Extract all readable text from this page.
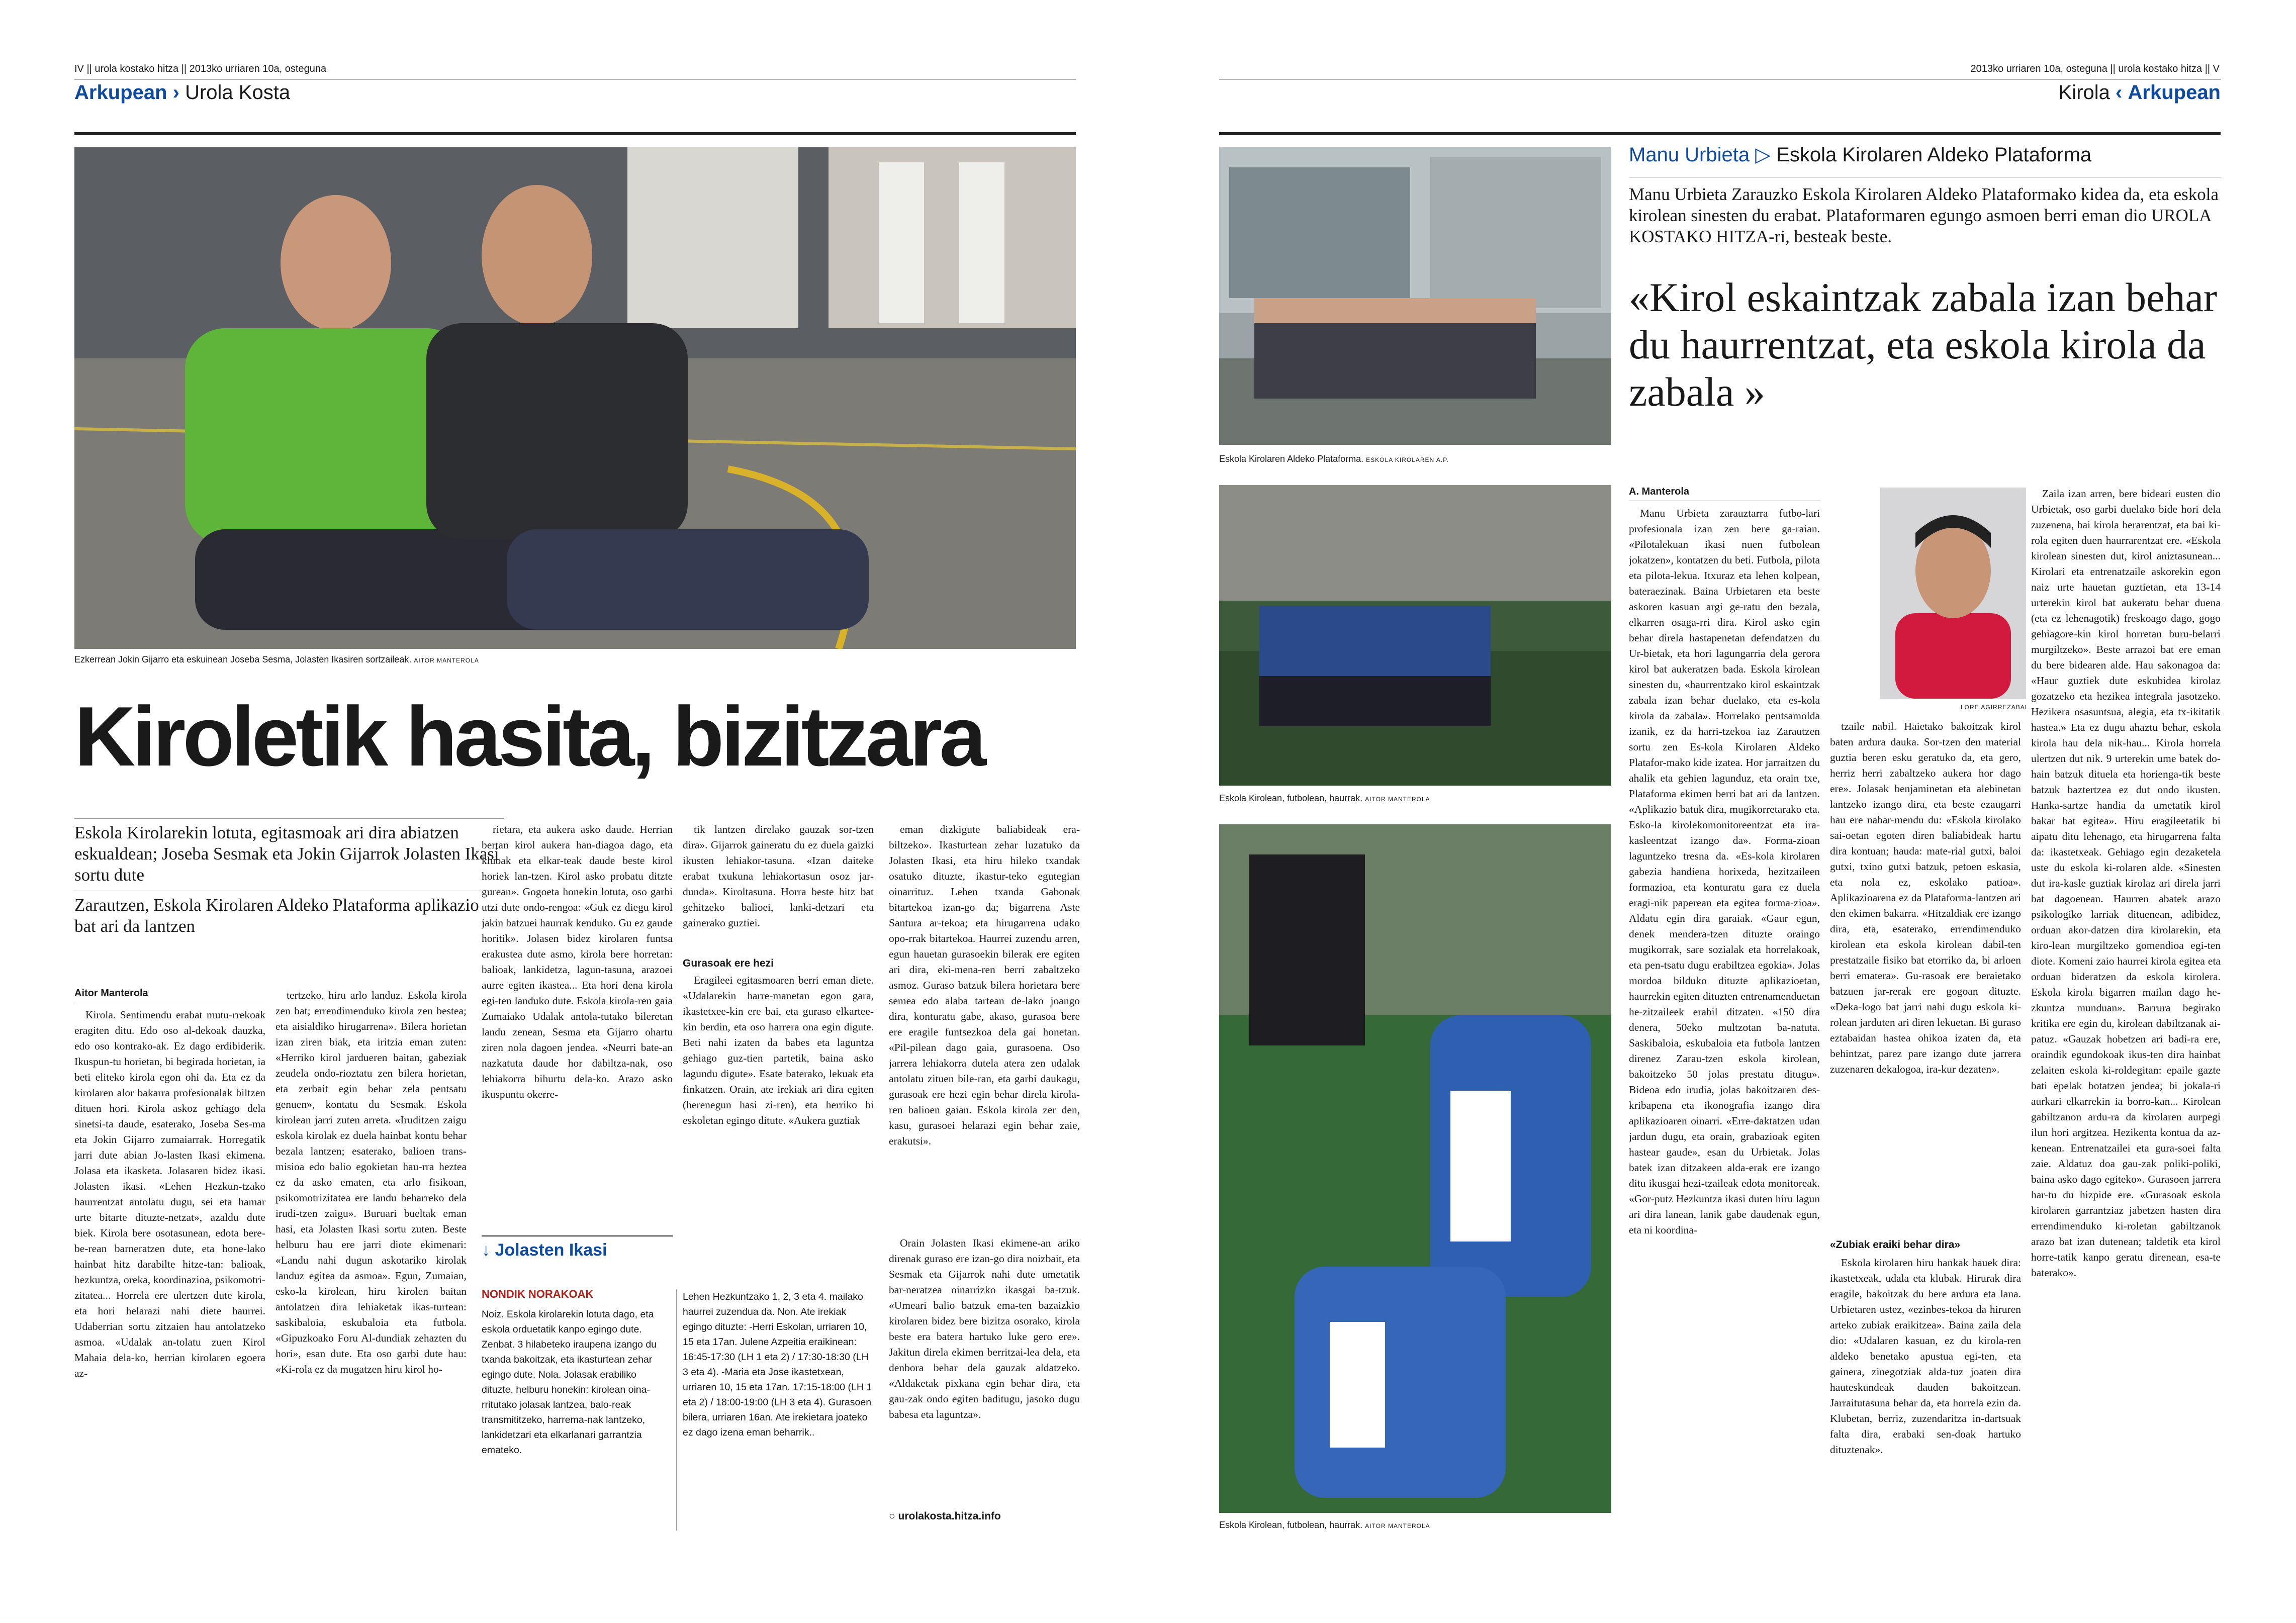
IV || urola kostako hitza || 2013ko urriaren 10a, osteguna
Arkupean › Urola Kosta
Ezkerrean Jokin Gijarro eta eskuinean Joseba Sesma, Jolasten Ikasiren sortzaileak. AITOR MANTEROLA
Kiroletik hasita, bizitzara
Eskola Kirolarekin lotuta, egitasmoak ari dira abiatzen eskualdean; Joseba Sesmak eta Jokin Gijarrok Jolasten Ikasi sortu dute
Zarautzen, Eskola Kirolaren Aldeko Plataforma aplikazio bat ari da lantzen
Aitor Manterola

Kirola. Sentimendu erabat mutu-rrekoak eragiten ditu. Edo oso al-dekoak dauzka, edo oso kontrako-ak. Ez dago erdibiderik. Ikuspun-tu horietan, bi begirada horietan, ia beti eliteko kirola egon ohi da. Eta ez da kirolaren alor bakarra profesionalak biltzen dituen hori. Kirola askoz gehiago dela sinetsi-ta daude, esaterako, Joseba Ses-ma eta Jokin Gijarro zumaiarrak. Horregatik jarri dute abian Jo-lasten Ikasi ekimena. Jolasa eta ikasketa. Jolasaren bidez ikasi. Jolasten ikasi. «Lehen Hezkun-tzako haurrentzat antolatu dugu, sei eta hamar urte bitarte dituzte-netzat», azaldu dute biek. Kirola bere osotasunean, edota bere-be-rean barneratzen dute, eta hone-lako hainbat hitz darabilte hitze-tan: balioak, hezkuntza, oreka, koordinazioa, psikomotri-zitatea... Horrela ere ulertzen dute kirola, eta hori helarazi nahi diete haurrei. Udaberrian sortu zitzaien hau antolatzeko asmoa. «Udalak an-tolatu zuen Kirol Mahaia dela-ko, herrian kirolaren egoera az-

tertzeko, hiru arlo landuz. Eskola kirola zen bat; errendimenduko kirola zen bestea; eta aisialdiko hirugarrena». Bilera horietan izan ziren biak, eta iritzia eman zuten: «Herriko kirol jardueren baitan, gabeziak zeudela ondo-rioztatu zen bilera horietan, eta zerbait egin behar zela pentsatu genuen», kontatu du Sesmak. Eskola kirolean jarri zuten arreta. «Iruditzen zaigu eskola kirolak ez duela hainbat kontu behar bezala lantzen; esaterako, balioen trans-misioa edo balio egokietan hau-rra heztea ez da asko ematen, eta arlo fisikoan, psikomotrizitatea ere landu beharreko dela irudi-tzen zaigu». Buruari bueltak eman hasi, eta Jolasten Ikasi sortu zuten. Beste helburu hau ere jarri diote ekimenari: «Landu nahi dugun askotariko kirolak landuz egitea da asmoa». Egun, Zumaian, esko-la kirolean, hiru kirolen baitan antolatzen dira lehiaketak ikas-turtean: saskibaloia, eskubaloia eta futbola. «Gipuzkoako Foru Al-dundiak zehazten du hori», esan dute. Eta oso garbi dute hau: «Ki-rola ez da mugatzen hiru kirol ho-

rietara, eta aukera asko daude. Herrian bertan kirol aukera han-diagoa dago, eta klubak eta elkar-teak daude beste kirol horiek lan-tzen. Kirol asko probatu ditzte gurean». Gogoeta honekin lotuta, oso garbi utzi dute ondo-rengoa: «Guk ez diegu kirol jakin batzuei haurrak kenduko. Gu ez gaude horitik». Jolasen bidez kirolaren funtsa erakustea dute asmo, kirola bere horretan: balioak, lankidetza, lagun-tasuna, arazoei aurre egiten ikastea... Eta hori dena kirola egi-ten landuko dute. Eskola kirola-ren gaia Zumaiako Udalak antola-tutako bileretan landu zenean, Sesma eta Gijarro ohartu ziren nola dagoen jendea. «Neurri bate-an nazkatuta daude hor dabiltza-nak, oso lehiakorra bihurtu dela-ko. Arazo asko ikuspuntu okerre-

tik lantzen direlako gauzak sor-tzen dira». Gijarrok gaineratu du ez duela gaizki ikusten lehiakor-tasuna. «Izan daiteke erabat txukuna lehiakortasun osoz jar-dunda». Kiroltasuna. Horra beste hitz bat gehitzeko balioei, lanki-detzari eta gainerako guztiei.

Gurasoak ere hezi

Eragileei egitasmoaren berri eman diete. «Udalarekin harre-manetan egon gara, ikastetxee-kin ere bai, eta guraso elkartee-kin berdin, eta oso harrera ona egin digute. Beti nahi izaten da babes eta laguntza gehiago guz-tien partetik, baina asko lagundu digute». Esate baterako, lekuak eta finkatzen. Orain, ate irekiak ari dira egiten (herenegun hasi zi-ren), eta herriko bi eskoletan egingo ditute. «Aukera guztiak

eman dizkigute baliabideak era-biltzeko». Ikasturtean zehar luzatuko da Jolasten Ikasi, eta hiru hileko txandak osatuko dituzte, ikastur-teko egutegian oinarrituz. Lehen txanda Gabonak bitartekoa izan-go da; bigarrena Aste Santura ar-tekoa; eta hirugarrena udako opo-rrak bitartekoa. Haurrei zuzendu arren, egun hauetan gurasoekin bilerak ere egiten ari dira, eki-mena-ren berri zabaltzeko asmoz. Guraso batzuk bilera horietara bere semea edo alaba tartean de-lako joango dira, konturatu gabe, akaso, gurasoa bere ere eragile funtsezkoa dela gai honetan. «Pil-pilean dago gaia, gurasoena. Oso jarrera lehiakorra dutela atera zen udalak antolatu zituen bile-ran, eta garbi daukagu, gurasoak ere hezi egin behar direla kirola-ren balioen gaian. Eskola kirola zer den, kasu, gurasoei helarazi egin behar zaie, erakutsi».

↓ Jolasten Ikasi
NONDIK NORAKOAK

Noiz. Eskola kirolarekin lotuta dago, eta eskola orduetatik kanpo egingo dute. Zenbat. 3 hilabeteko iraupena izango du txanda bakoitzak, eta ikasturtean zehar egingo dute. Nola. Jolasak erabiliko dituzte, helburu honekin: kirolean oina-rritutako jolasak lantzea, balo-reak transmititzeko, harrema-nak lantzeko, lankidetzari eta elkarlanari garrantzia emateko.

Lehen Hezkuntzako 1, 2, 3 eta 4. mailako haurrei zuzendua da. Non. Ate irekiak egingo dituzte: -Herri Eskolan, urriaren 10, 15 eta 17an. Julene Azpeitia eraikinean: 16:45-17:30 (LH 1 eta 2) / 17:30-18:30 (LH 3 eta 4). -Maria eta Jose ikastetxean, urriaren 10, 15 eta 17an. 17:15-18:00 (LH 1 eta 2) / 18:00-19:00 (LH 3 eta 4). Gurasoen bilera, urriaren 16an. Ate irekietara joateko ez dago izena eman beharrik..

Orain Jolasten Ikasi ekimene-an ariko direnak guraso ere izan-go dira noizbait, eta Sesmak eta Gijarrok nahi dute umetatik bar-neratzea oinarrizko ikasgai ba-tzuk. «Umeari balio batzuk ema-ten bazaizkio kirolaren bidez bere bizitza osorako, kirola beste era batera hartuko luke gero ere». Jakitun direla ekimen berritzai-lea dela, eta denbora behar dela gauzak aldatzeko. «Aldaketak pixkana egin behar dira, eta gau-zak ondo egiten baditugu, jasoko dugu babesa eta laguntza».

○ urolakosta.hitza.info
2013ko urriaren 10a, osteguna || urola kostako hitza || V
Kirola ‹ Arkupean
Eskola Kirolaren Aldeko Plataforma. ESKOLA KIROLAREN A.P.
Eskola Kirolean, futbolean, haurrak. AITOR MANTEROLA
Eskola Kirolean, futbolean, haurrak. AITOR MANTEROLA
Manu Urbieta ▷ Eskola Kirolaren Aldeko Plataforma
Manu Urbieta Zarauzko Eskola Kirolaren Aldeko Plataformako kidea da, eta eskola kirolean sinesten du erabat. Plataformaren egungo asmoen berri eman dio UROLA KOSTAKO HITZA-ri, besteak beste.
«Kirol eskaintzak zabala izan behar du haurrentzat, eta eskola kirola da zabala »
A. Manterola
LORE AGIRREZABAL

Manu Urbieta zarauztarra futbo-lari profesionala izan zen bere ga-raian. «Pilotalekuan ikasi nuen futbolean jokatzen», kontatzen du beti. Futbola, pilota eta pilota-lekua. Itxuraz eta lehen kolpean, bateraezinak. Baina Urbietaren eta beste askoren kasuan argi ge-ratu den bezala, elkarren osaga-rri dira. Kirol asko egin behar direla hastapenetan defendatzen du Ur-bietak, eta hori lagungarria dela gerora kirol bat aukeratzen bada. Eskola kirolean sinesten du, «haurrentzako kirol eskaintzak zabala izan behar duelako, eta es-kola kirola da zabala». Horrelako pentsamolda izanik, ez da harri-tzekoa iaz Zarautzen sortu zen Es-kola Kirolaren Aldeko Platafor-mako kide izatea. Hor jarraitzen du ahalik eta gehien lagunduz, eta orain txe, Plataforma ekimen berri bat ari da lantzen. «Aplikazio batuk dira, mugikorretarako eta. Esko-la kirolekomonitoreentzat eta ira-kasleentzat izango da». Forma-zioan laguntzeko tresna da. «Es-kola kirolaren gabezia handiena horixeda, hezitzaileen formazioa, eta konturatu gara ez duela eragi-nik paperean eta egitea forma-zioa». Aldatu egin dira garaiak. «Gaur egun, denek mendera-tzen dituzte oraingo mugikorrak, sare sozialak eta horrelakoak, eta pen-tsatu dugu erabiltzea egokia». Jolas mordoa bilduko dituzte aplikazioetan, haurrekin egiten dituzten entrenamenduetan he-zitzaileek erabil ditzaten. «150 dira denera, 50eko multzotan ba-natuta. Saskibaloia, eskubaloia eta futbola lantzen direnez Zarau-tzen eskola kirolean, bakoitzeko 50 jolas prestatu ditugu». Bideoa edo irudia, jolas bakoitzaren des-kribapena eta ikonografia izango dira aplikazioaren oinarri. «Erre-daktatzen udan jardun dugu, eta orain, grabazioak egiten hastear gaude», esan du Urbietak. Jolas batek izan ditzakeen alda-erak ere izango ditu ikusgai hezi-tzaileak edota monitoreak. «Gor-putz Hezkuntza ikasi duten hiru lagun ari dira lanean, lanik gabe daudenak egun, eta ni koordina-

tzaile nabil. Haietako bakoitzak kirol baten ardura dauka. Sor-tzen den material guztia beren esku geratuko da, eta gero, herriz herri zabaltzeko aukera hor dago ere». Jolasak benjaminetan eta alebinetan lantzeko izango dira, eta beste ezaugarri hau ere nabar-mendu du: «Eskola kirolako sai-oetan egoten diren baliabideak hartu dira kontuan; hauda: mate-rial gutxi, baloi gutxi, txino gutxi batzuk, petoen eskasia, eta nola ez, eskolako patioa». Aplikazioarena ez da Plataforma-lantzen ari den ekimen bakarra. «Hitzaldiak ere izango dira, eta, esaterako, errendimenduko kirolean eta eskola kirolean dabil-ten prestatzaile fisiko bat etorriko da, bi arloen berri ematera». Gu-rasoak ere beraietako batzuen jar-rerak ere gogoan dituzte. «Deka-logo bat jarri nahi dugu eskola ki-rolean jarduten ari diren lekuetan. Bi guraso eztabaidan hastea ohikoa izaten da, eta behintzat, parez pare izango dute jarrera zuzenaren dekalogoa, ira-kur dezaten».

«Zubiak eraiki behar dira»

Eskola kirolaren hiru hankak hauek dira: ikastetxeak, udala eta klubak. Hirurak dira eragile, bakoitzak du bere ardura eta lana. Urbietaren ustez, «ezinbes-tekoa da hiruren arteko zubiak eraikitzea». Baina zaila dela dio: «Udalaren kasuan, ez du kirola-ren aldeko benetako apustua egi-ten, eta gainera, zinegotziak alda-tuz joaten dira hauteskundeak dauden bakoitzean. Jarraitutasuna behar da, eta horrela ezin da. Klubetan, berriz, zuzendaritza in-dartsuak falta dira, erabaki sen-doak hartuko dituztenak».

Zaila izan arren, bere bideari eusten dio Urbietak, oso garbi duelako bide hori dela zuzenena, bai kirola berarentzat, eta bai ki-rola egiten duen haurrarentzat ere. «Eskola kirolean sinesten dut, kirol aniztasunean... Kirolari eta entrenatzaile askorekin egon naiz urte hauetan guztietan, eta 13-14 urterekin kirol bat aukeratu behar duena (eta ez lehenagotik) freskoago dago, gogo gehiagore-kin kirol horretan buru-belarri murgiltzeko». Beste arrazoi bat ere eman du bere bidearen alde. Hau sakonagoa da: «Haur guztiek dute eskubidea kirolaz gozatzeko eta hezikea integrala jasotzeko. Hezikera osasuntsua, alegia, eta tx-ikitatik hastea.» Eta ez dugu ahaztu behar, eskola kirola hau dela nik-hau... Kirola horrela ulertzen dut nik. 9 urterekin ume batek do-hain batzuk dituela eta horienga-tik beste batzuk baztertzea ez dut ondo ikusten. Hanka-sartze handia da umetatik kirol bakar bat egitea». Hiru eragileetatik bi aipatu ditu lehenago, eta hirugarrena falta da: ikastetxeak. Gehiago egin dezaketela uste du eskola ki-rolaren alde. «Sinesten dut ira-kasle guztiak kirolaz ari direla jarri bat dagoenean. Haurren abatek arazo psikologiko larriak dituenean, adibidez, orduan akor-datzen dira kirolarekin, eta kiro-lean murgiltzeko gomendioa egi-ten diote. Komeni zaio haurrei kirola egitea eta orduan bideratzen da eskola kirolera. Eskola kirola bigarren mailan dago he-zkuntza munduan». Barrura begirako kritika ere egin du, kirolean dabiltzanak ai-patuz. «Gauzak hobetzen ari badi-ra ere, oraindik egundokoak ikus-ten dira hainbat zelaiten eskola ki-roldegitan: epaile gazte bati epelak botatzen jendea; bi jokala-ri aurkari elkarrekin ia borro-kan... Kirolean gabiltzanon ardu-ra da kirolaren aurpegi ilun hori argitzea. Hezikenta kontua da az-kenean. Entrenatzailei eta gura-soei falta zaie. Aldatuz doa gau-zak poliki-poliki, baina asko dago egiteko». Gurasoen jarrera har-tu du hizpide ere. «Gurasoak eskola kirolaren garrantziaz jabetzen hasten dira errendimenduko ki-roletan gabiltzanok arazo bat izan dutenean; taldetik eta kirol horre-tatik kanpo geratu direnean, esa-te baterako».
